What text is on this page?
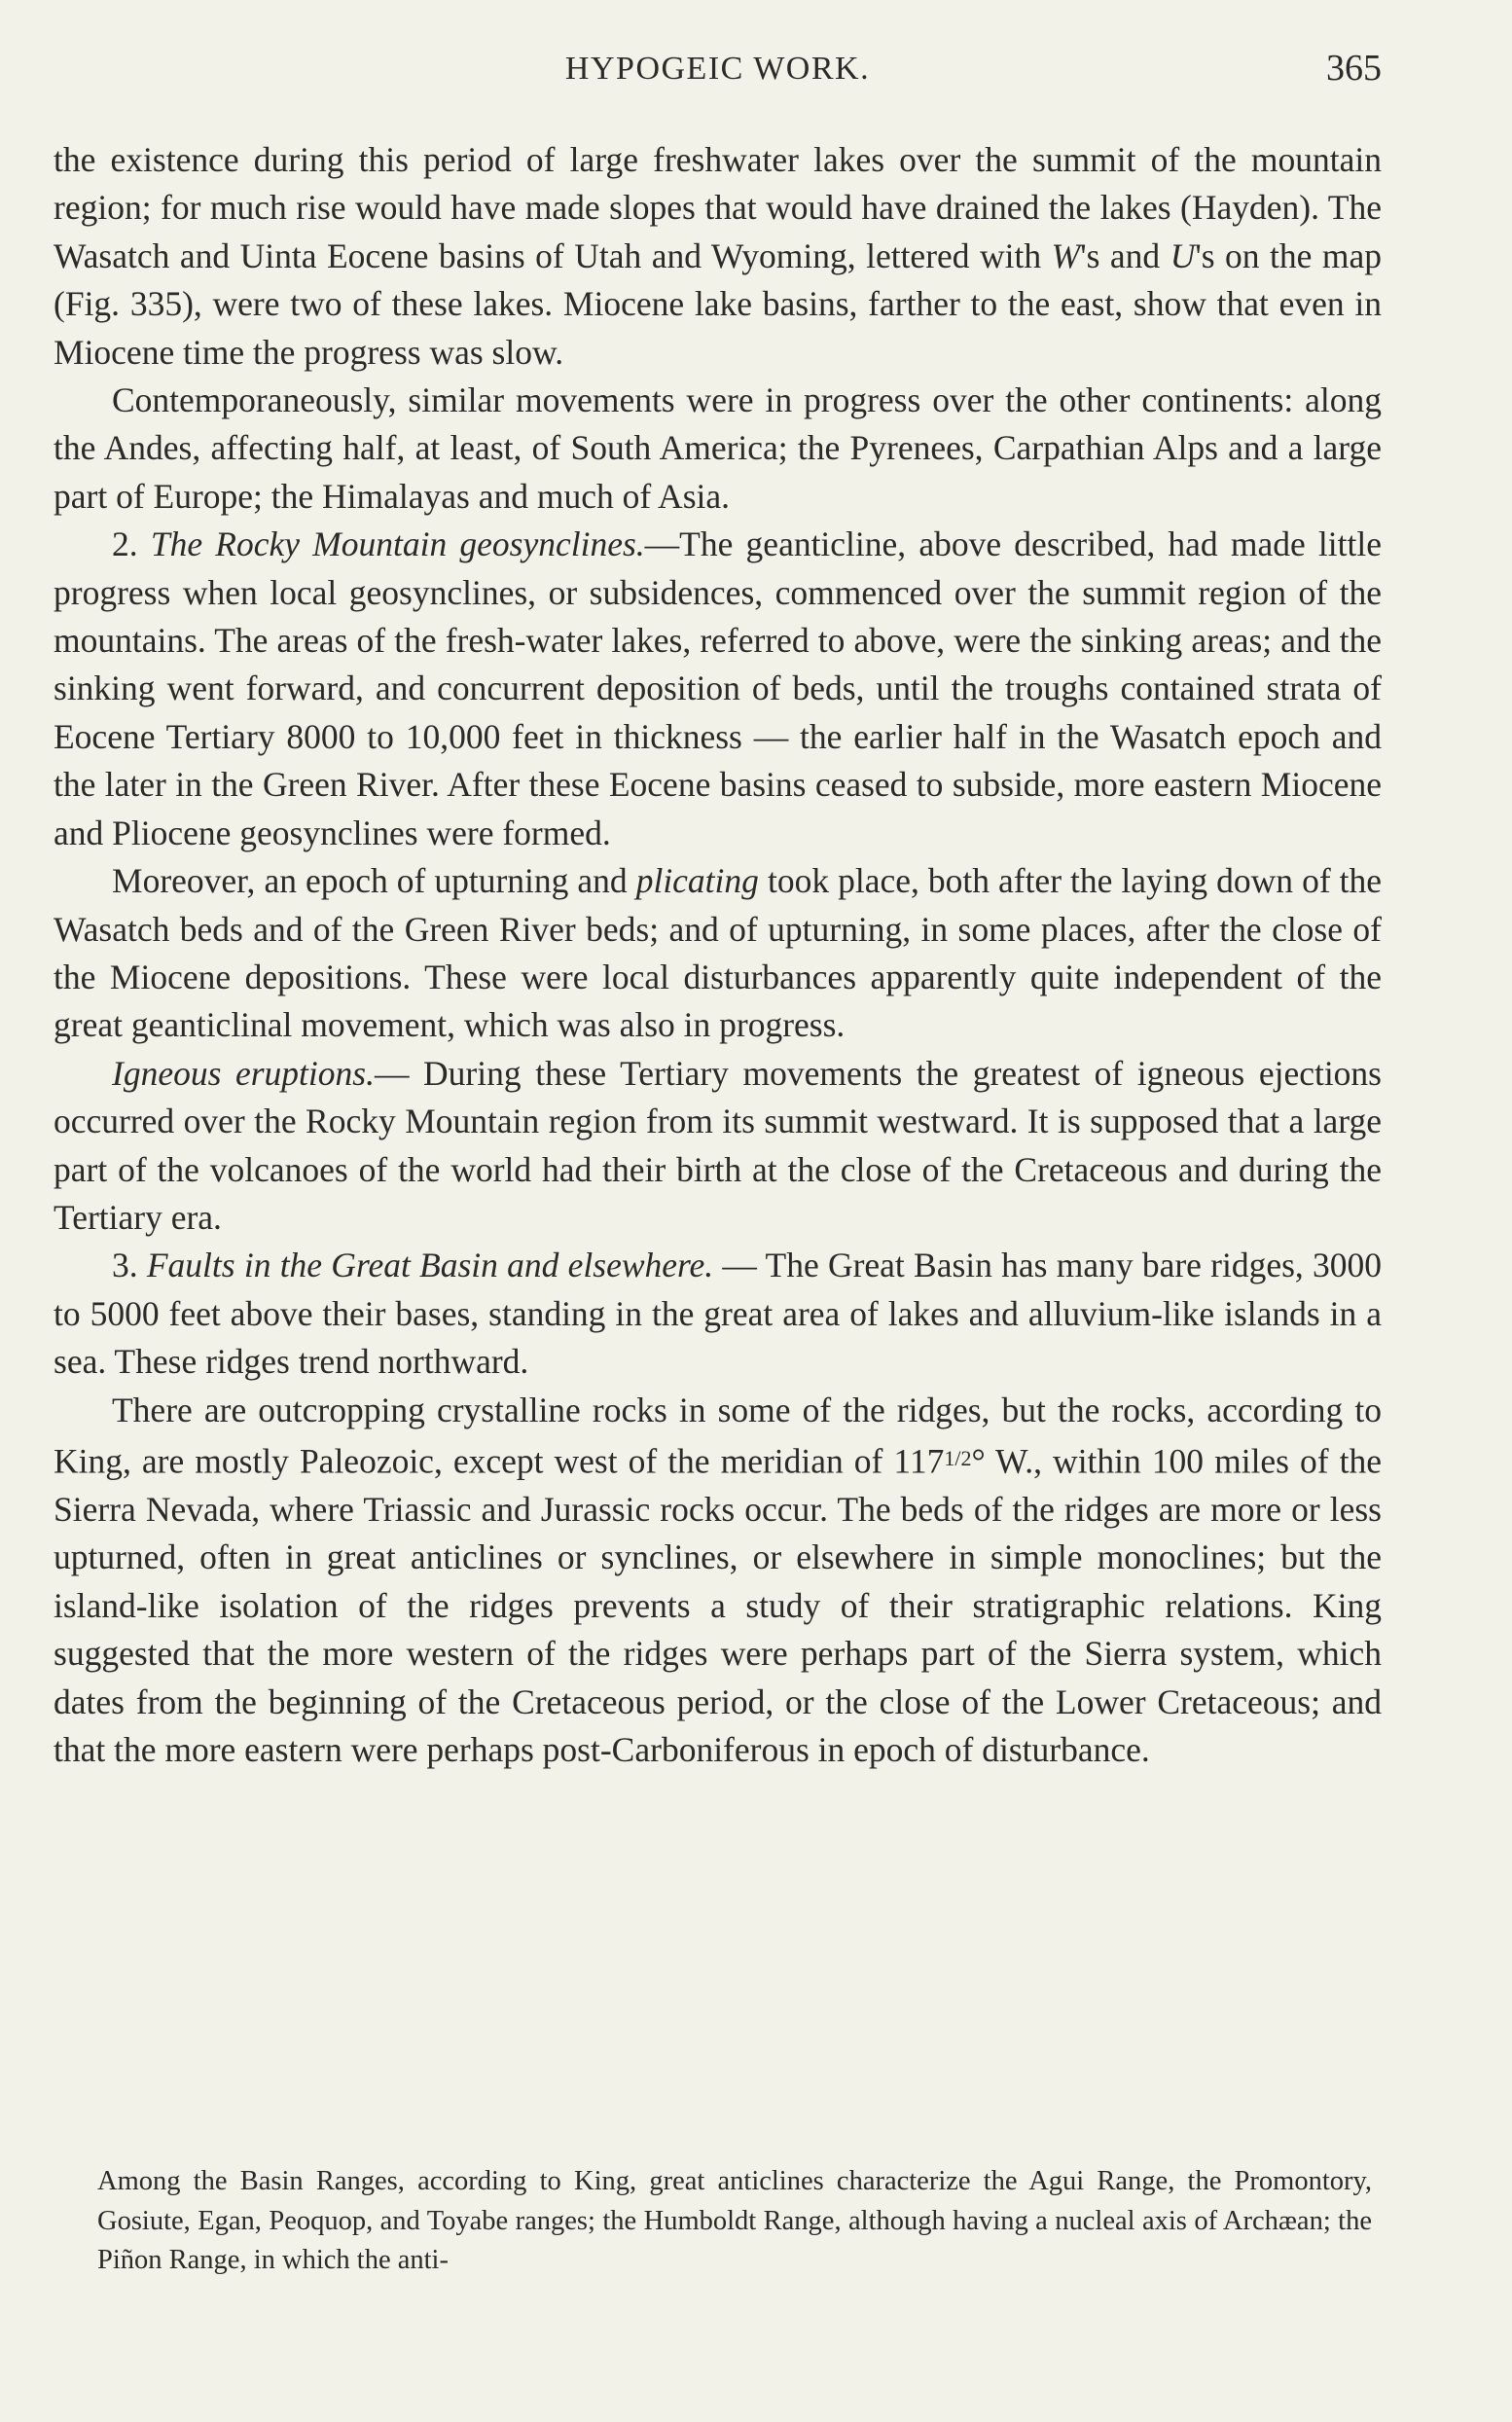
HYPOGEIC WORK.	365

the existence during this period of large freshwater lakes over the summit of the mountain region; for much rise would have made slopes that would have drained the lakes (Hayden). The Wasatch and Uinta Eocene basins of Utah and Wyoming, lettered with W's and U's on the map (Fig. 335), were two of these lakes. Miocene lake basins, farther to the east, show that even in Miocene time the progress was slow.

Contemporaneously, similar movements were in progress over the other continents: along the Andes, affecting half, at least, of South America; the Pyrenees, Carpathian Alps and a large part of Europe; the Himalayas and much of Asia.

2. The Rocky Mountain geosynclines.—The geanticline, above described, had made little progress when local geosynclines, or subsidences, commenced over the summit region of the mountains. The areas of the fresh-water lakes, referred to above, were the sinking areas; and the sinking went forward, and concurrent deposition of beds, until the troughs contained strata of Eocene Tertiary 8000 to 10,000 feet in thickness — the earlier half in the Wasatch epoch and the later in the Green River. After these Eocene basins ceased to subside, more eastern Miocene and Pliocene geosynclines were formed.

Moreover, an epoch of upturning and plicating took place, both after the laying down of the Wasatch beds and of the Green River beds; and of upturning, in some places, after the close of the Miocene depositions. These were local disturbances apparently quite independent of the great geanticlinal movement, which was also in progress.

Igneous eruptions.— During these Tertiary movements the greatest of igneous ejections occurred over the Rocky Mountain region from its summit westward. It is supposed that a large part of the volcanoes of the world had their birth at the close of the Cretaceous and during the Tertiary era.

3. Faults in the Great Basin and elsewhere. — The Great Basin has many bare ridges, 3000 to 5000 feet above their bases, standing in the great area of lakes and alluvium-like islands in a sea. These ridges trend northward.

There are outcropping crystalline rocks in some of the ridges, but the rocks, according to King, are mostly Paleozoic, except west of the meridian of $117^{1/2}^\circ$ W., within 100 miles of the Sierra Nevada, where Triassic and Jurassic rocks occur. The beds of the ridges are more or less upturned, often in great anticlines or synclines, or elsewhere in simple monoclines; but the island-like isolation of the ridges prevents a study of their stratigraphic relations. King suggested that the more western of the ridges were perhaps part of the Sierra system, which dates from the beginning of the Cretaceous period, or the close of the Lower Cretaceous; and that the more eastern were perhaps post-Carboniferous in epoch of disturbance.

Among the Basin Ranges, according to King, great anticlines characterize the Agui Range, the Promontory, Gosiute, Egan, Peoquop, and Toyabe ranges; the Humboldt Range, although having a nucleal axis of Archæan; the Piñon Range, in which the anti-
